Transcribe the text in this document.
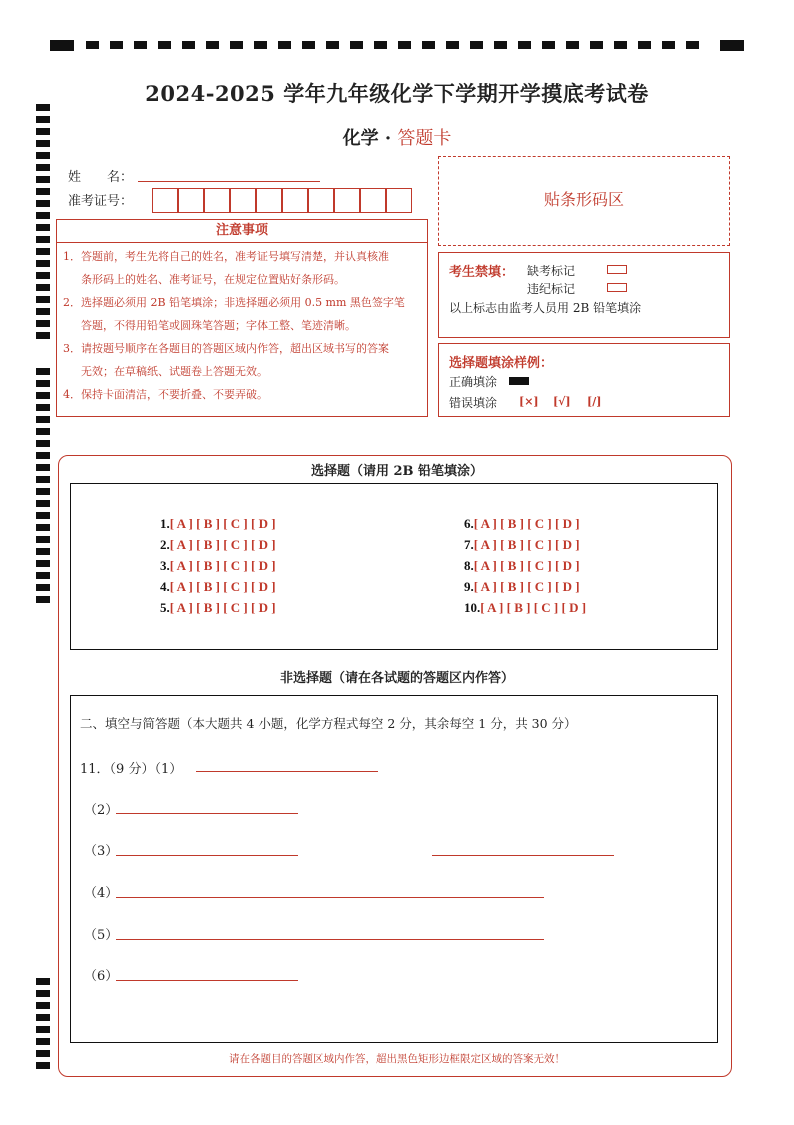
2024-2025 学年九年级化学下学期开学摸底考试卷
化学 · 答题卡
姓　　名：
准考证号：	贴条形码区
注意事项
1．答题前，考生先将自己的姓名，准考证号填写清楚，并认真核准
条形码上的姓名、准考证号，在规定位置贴好条形码。
2．选择题必须用 2B 铅笔填涂；非选择题必须用 0.5 mm 黑色签字笔
答题，不得用铅笔或圆珠笔答题；字体工整、笔迹清晰。
3．请按题号顺序在各题目的答题区域内作答，超出区域书写的答案
无效；在草稿纸、试题卷上答题无效。
4．保持卡面清洁，不要折叠、不要弄破。
考生禁填： 缺考标记
违纪标记
以上标志由监考人员用 2B 铅笔填涂
选择题填涂样例：
正确填涂
错误填涂 [×] [√] [/]
选择题（请用 2B 铅笔填涂）
1.[ A ] [ B ] [ C ] [ D ]
2.[ A ] [ B ] [ C ] [ D ]
3.[ A ] [ B ] [ C ] [ D ]
4.[ A ] [ B ] [ C ] [ D ]
5.[ A ] [ B ] [ C ] [ D ]
6.[ A ] [ B ] [ C ] [ D ]
7.[ A ] [ B ] [ C ] [ D ]
8.[ A ] [ B ] [ C ] [ D ]
9.[ A ] [ B ] [ C ] [ D ]
10.[ A ] [ B ] [ C ] [ D ]
非选择题（请在各试题的答题区内作答）
二、填空与简答题（本大题共 4 小题，化学方程式每空 2 分，其余每空 1 分，共 30 分）
11．（9 分）（1）
（2）
（3）
（4）
（5）
（6）
请在各题目的答题区域内作答，超出黑色矩形边框限定区域的答案无效！
